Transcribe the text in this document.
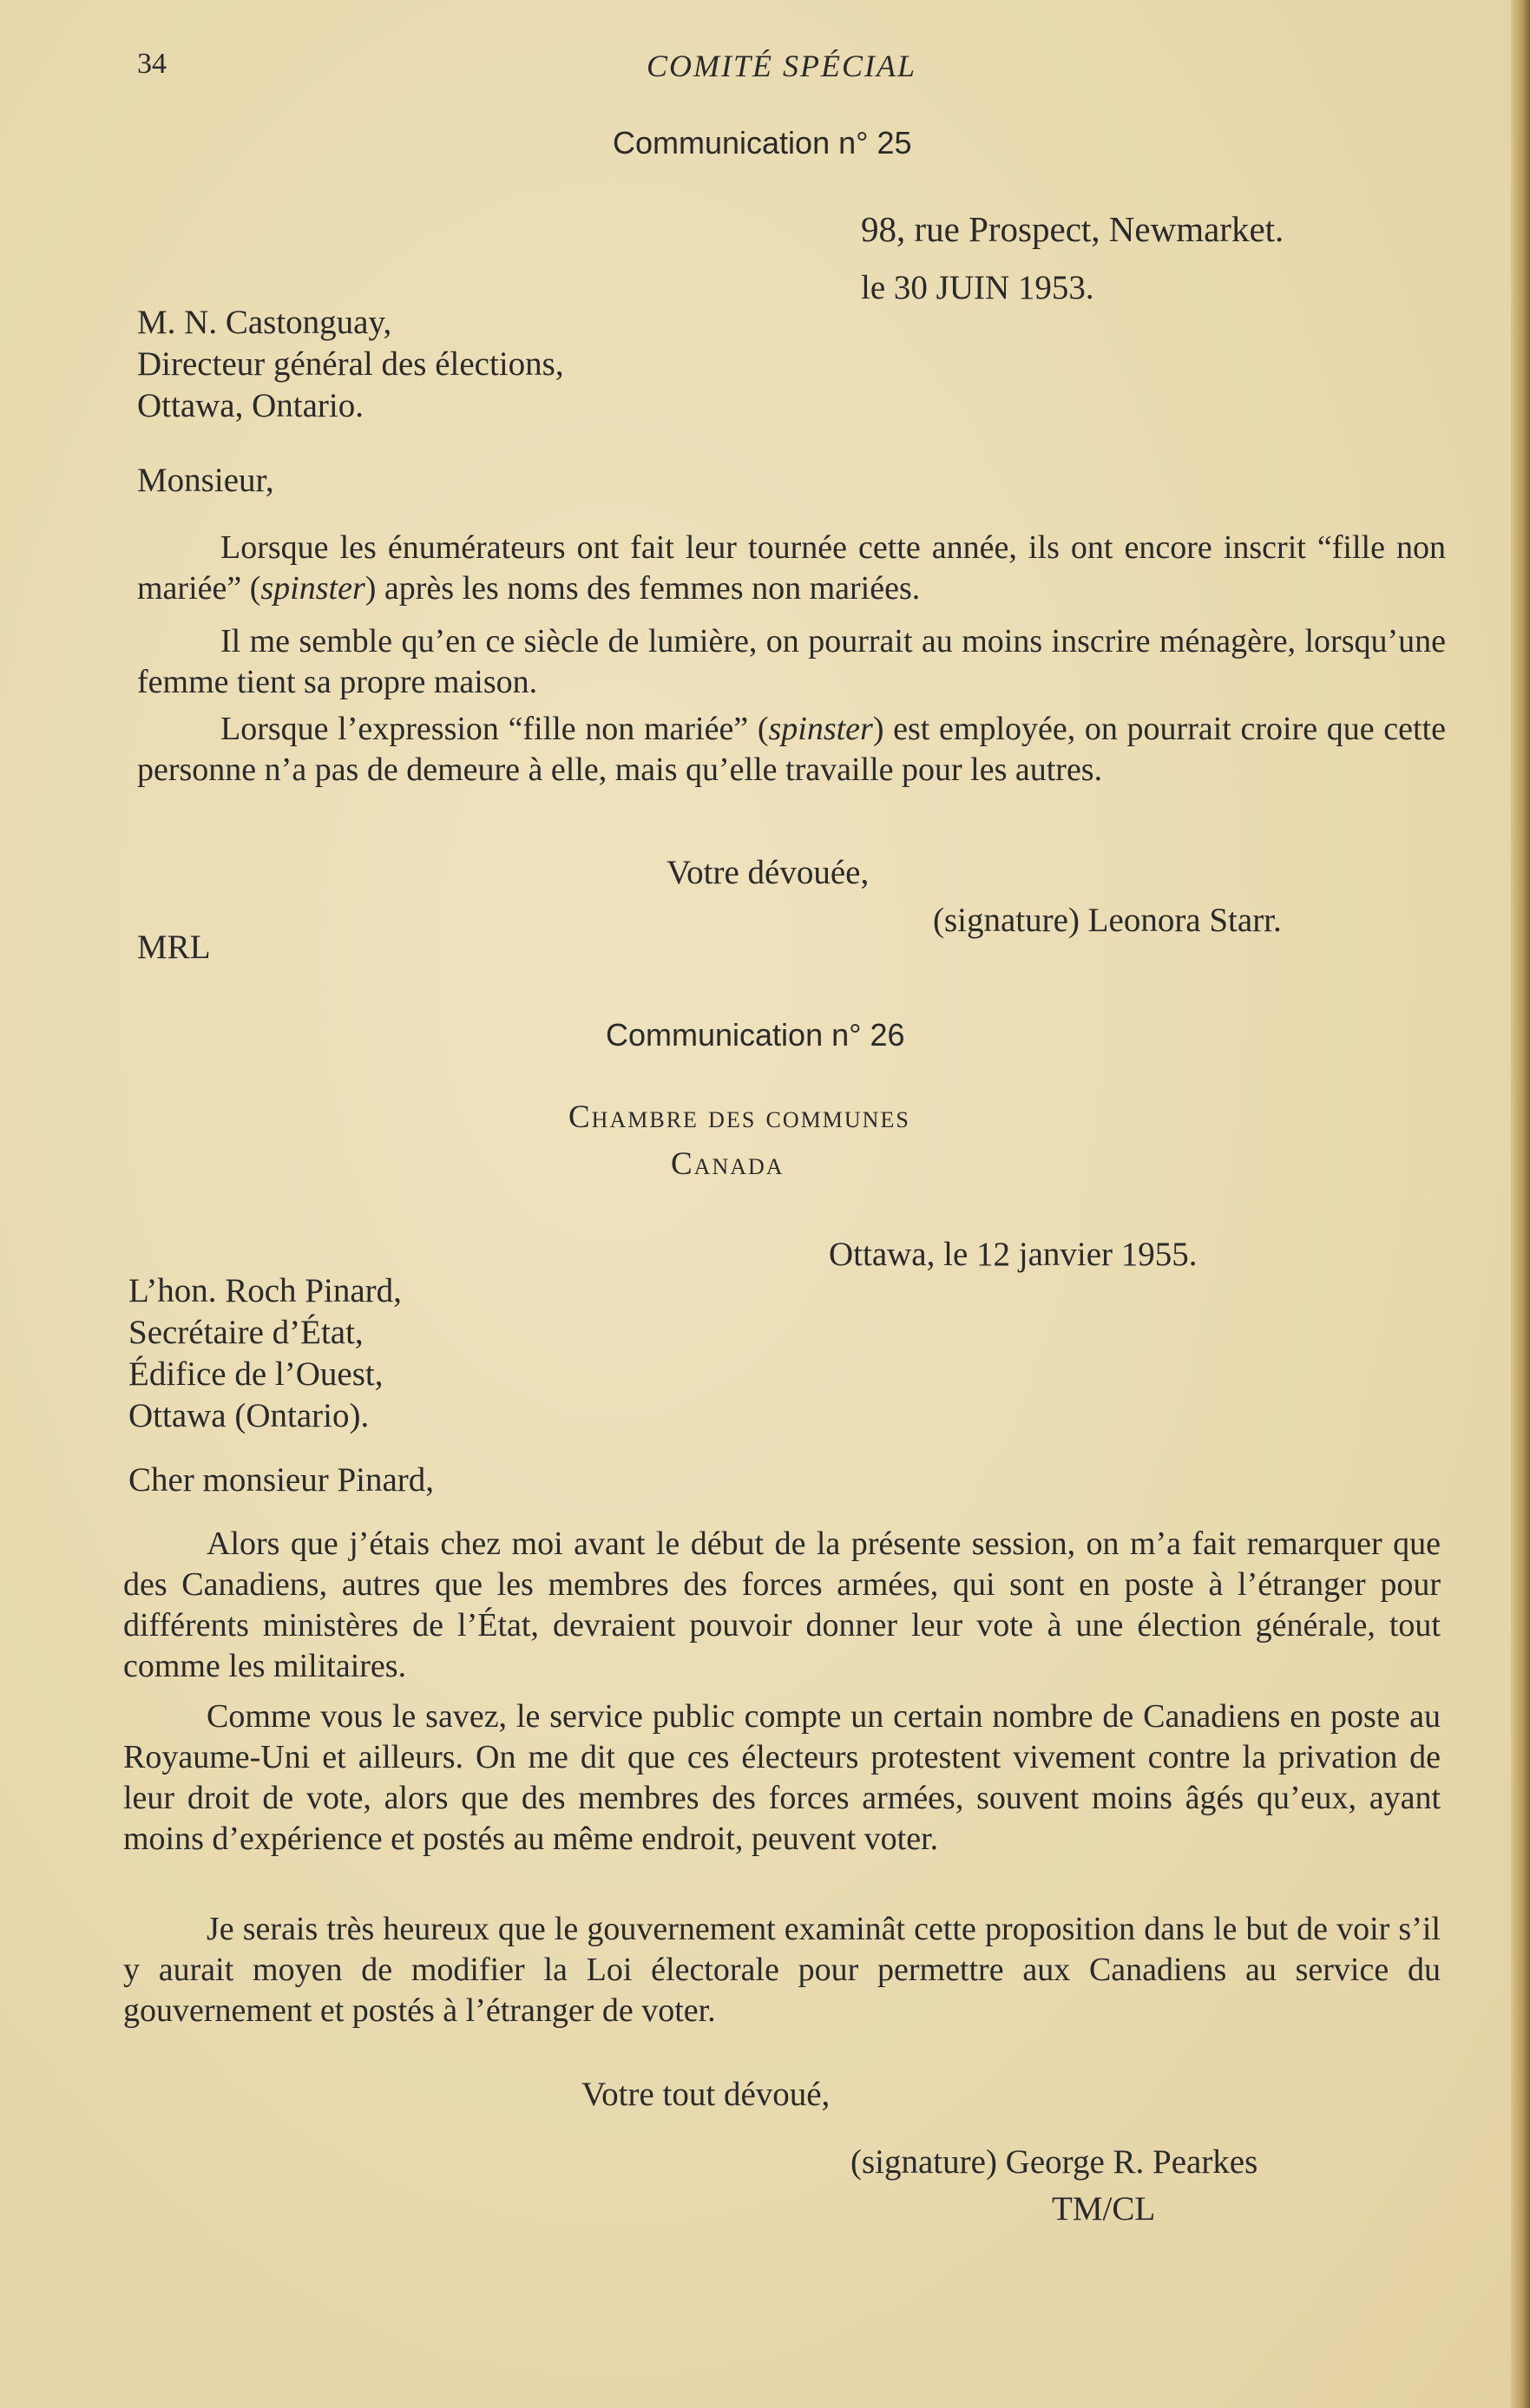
34	COMITÉ SPÉCIAL
Communication n° 25
98, rue Prospect, Newmarket.
le 30 JUIN 1953.
M. N. Castonguay,
Directeur général des élections,
Ottawa, Ontario.
Monsieur,
Lorsque les énumérateurs ont fait leur tournée cette année, ils ont encore inscrit “fille non mariée” (spinster) après les noms des femmes non mariées.
Il me semble qu’en ce siècle de lumière, on pourrait au moins inscrire ménagère, lorsqu’une femme tient sa propre maison.
Lorsque l’expression “fille non mariée” (spinster) est employée, on pourrait croire que cette personne n’a pas de demeure à elle, mais qu’elle travaille pour les autres.
Votre dévouée,
(signature) Leonora Starr.
MRL
Communication n° 26
Chambre des communes
Canada
Ottawa, le 12 janvier 1955.
L’hon. Roch Pinard,
Secrétaire d’État,
Édifice de l’Ouest,
Ottawa (Ontario).
Cher monsieur Pinard,
Alors que j’étais chez moi avant le début de la présente session, on m’a fait remarquer que des Canadiens, autres que les membres des forces armées, qui sont en poste à l’étranger pour différents ministères de l’État, devraient pouvoir donner leur vote à une élection générale, tout comme les militaires.
Comme vous le savez, le service public compte un certain nombre de Canadiens en poste au Royaume-Uni et ailleurs. On me dit que ces électeurs protestent vivement contre la privation de leur droit de vote, alors que des membres des forces armées, souvent moins âgés qu’eux, ayant moins d’expérience et postés au même endroit, peuvent voter.
Je serais très heureux que le gouvernement examinât cette proposition dans le but de voir s’il y aurait moyen de modifier la Loi électorale pour permettre aux Canadiens au service du gouvernement et postés à l’étranger de voter.
Votre tout dévoué,
(signature) George R. Pearkes
TM/CL
